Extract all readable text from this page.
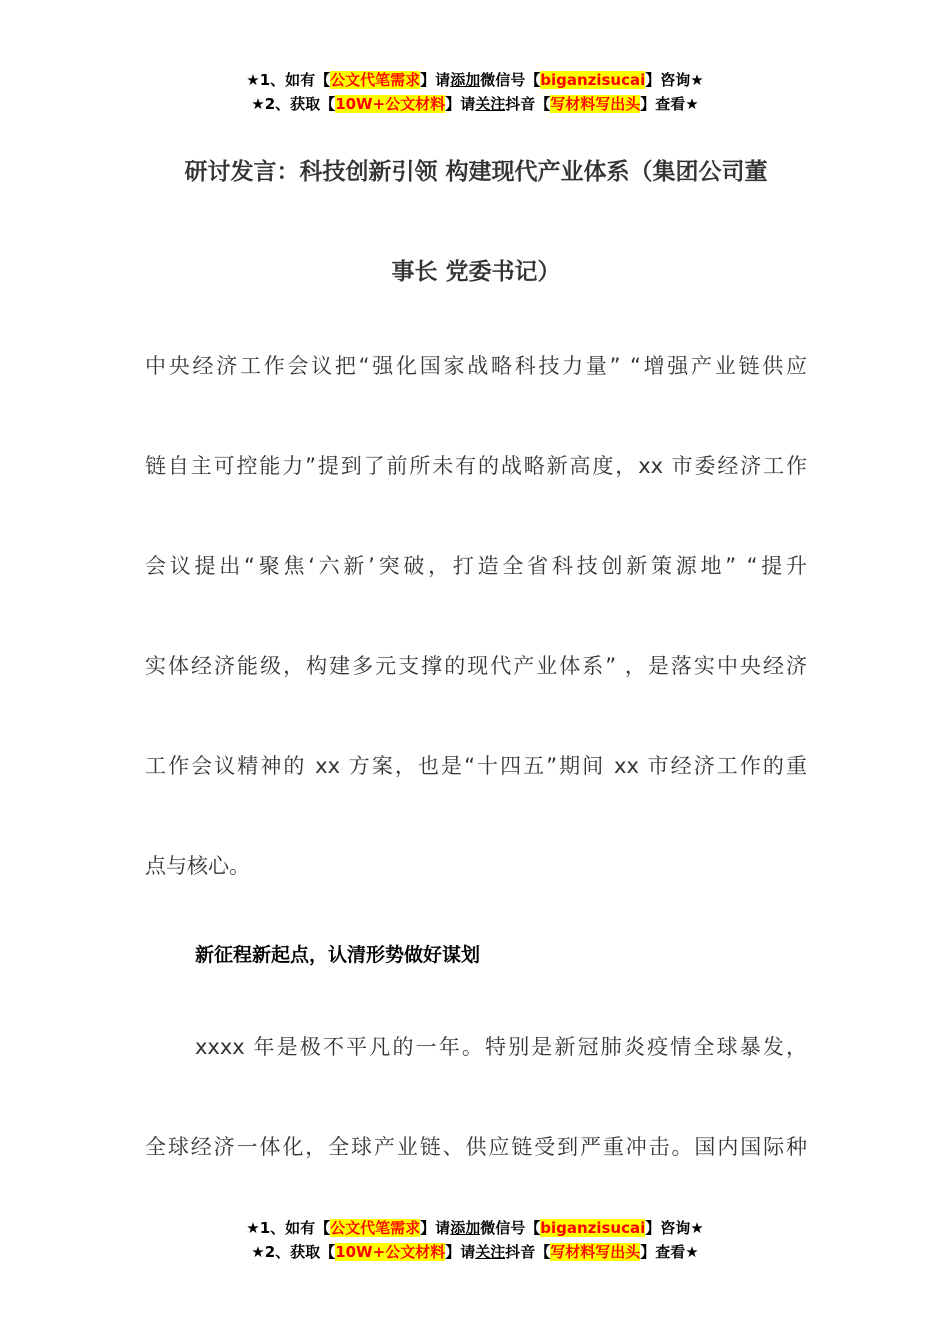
★1、如有【公文代笔需求】请添加微信号【biganzisucai】咨询★
★2、获取【10W+公文材料】请关注抖音【写材料写出头】查看★
研讨发言：科技创新引领 构建现代产业体系（集团公司董
事长 党委书记）
中央经济工作会议把“强化国家战略科技力量” “增强产业链供应
链自主可控能力”提到了前所未有的战略新高度，xx 市委经济工作
会议提出“聚焦‘六新’突破，打造全省科技创新策源地” “提升
实体经济能级，构建多元支撑的现代产业体系” ，是落实中央经济
工作会议精神的 xx 方案，也是“十四五”期间 xx 市经济工作的重
点与核心。
新征程新起点，认清形势做好谋划
xxxx 年是极不平凡的一年。特别是新冠肺炎疫情全球暴发，
全球经济一体化，全球产业链、供应链受到严重冲击。国内国际种
★1、如有【公文代笔需求】请添加微信号【biganzisucai】咨询★
★2、获取【10W+公文材料】请关注抖音【写材料写出头】查看★
